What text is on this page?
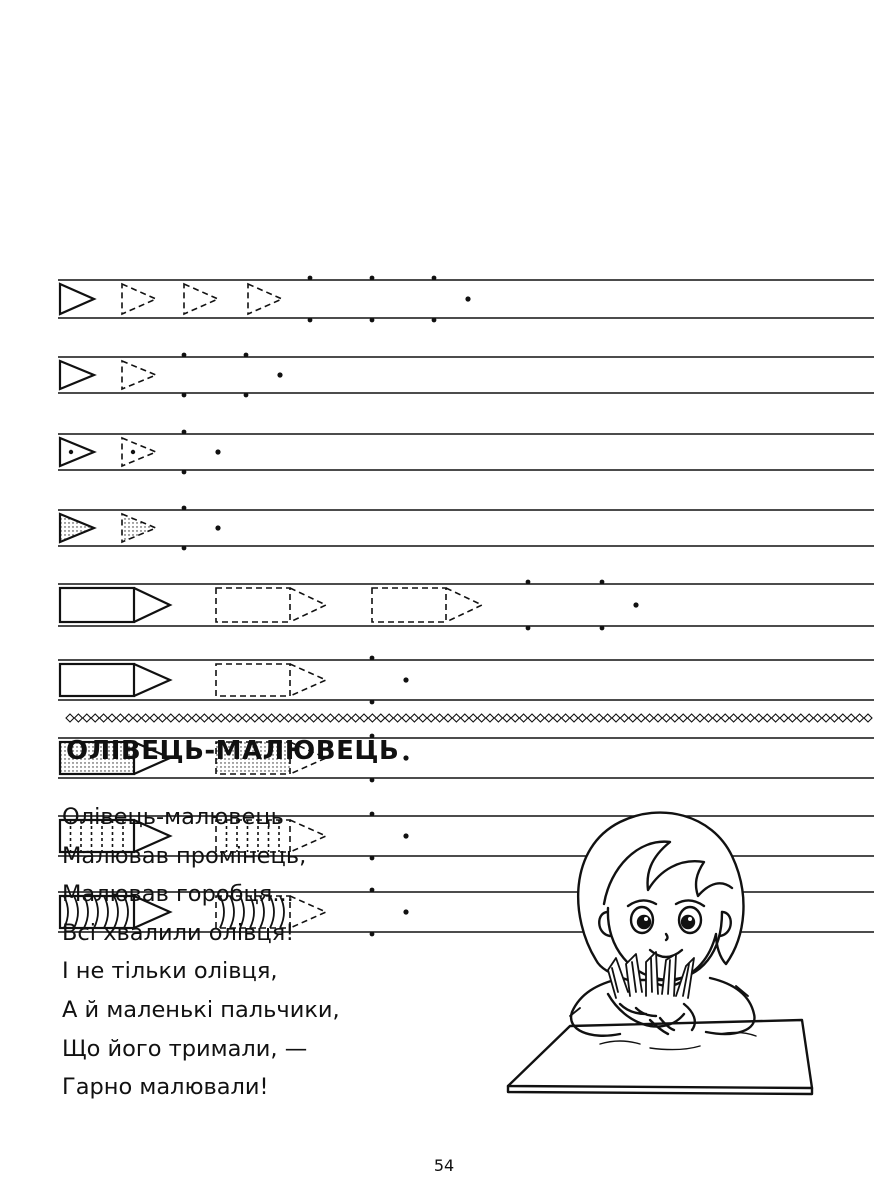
ОЛІВЕЦЬ-МАЛЮВЕЦЬ
Олівець-малювець
Малював промінець,
Малював горобця...
Всі хвалили олівця!
І не тільки олівця,
А й маленькі пальчики,
Що його тримали, —
Гарно малювали!
54
